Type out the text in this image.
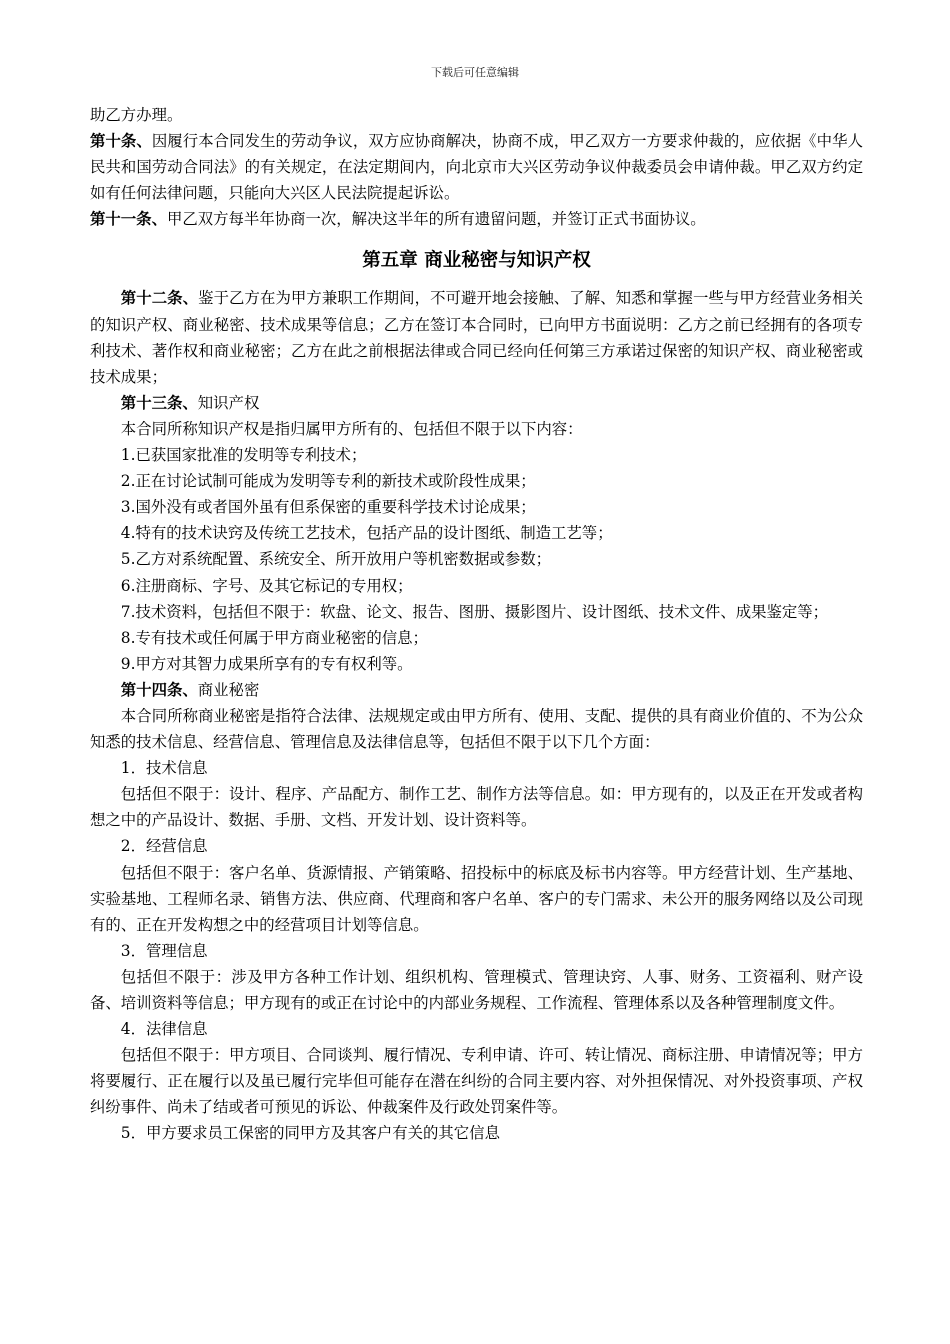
下载后可任意编辑

助乙方办理。

第十条、因履行本合同发生的劳动争议，双方应协商解决，协商不成，甲乙双方一方要求仲裁的，应依据《中华人民共和国劳动合同法》的有关规定，在法定期间内，向北京市大兴区劳动争议仲裁委员会申请仲裁。甲乙双方约定如有任何法律问题，只能向大兴区人民法院提起诉讼。

第十一条、甲乙双方每半年协商一次，解决这半年的所有遗留问题，并签订正式书面协议。

第五章 商业秘密与知识产权

第十二条、鉴于乙方在为甲方兼职工作期间，不可避开地会接触、了解、知悉和掌握一些与甲方经营业务相关的知识产权、商业秘密、技术成果等信息；乙方在签订本合同时，已向甲方书面说明：乙方之前已经拥有的各项专利技术、著作权和商业秘密；乙方在此之前根据法律或合同已经向任何第三方承诺过保密的知识产权、商业秘密或技术成果；

第十三条、知识产权

本合同所称知识产权是指归属甲方所有的、包括但不限于以下内容：

1.已获国家批准的发明等专利技术；

2.正在讨论试制可能成为发明等专利的新技术或阶段性成果；

3.国外没有或者国外虽有但系保密的重要科学技术讨论成果；

4.特有的技术诀窍及传统工艺技术，包括产品的设计图纸、制造工艺等；

5.乙方对系统配置、系统安全、所开放用户等机密数据或参数；

6.注册商标、字号、及其它标记的专用权；

7.技术资料，包括但不限于：软盘、论文、报告、图册、摄影图片、设计图纸、技术文件、成果鉴定等；

8.专有技术或任何属于甲方商业秘密的信息；

9.甲方对其智力成果所享有的专有权利等。

第十四条、商业秘密

本合同所称商业秘密是指符合法律、法规规定或由甲方所有、使用、支配、提供的具有商业价值的、不为公众知悉的技术信息、经营信息、管理信息及法律信息等，包括但不限于以下几个方面：

1．技术信息

包括但不限于：设计、程序、产品配方、制作工艺、制作方法等信息。如：甲方现有的，以及正在开发或者构想之中的产品设计、数据、手册、文档、开发计划、设计资料等。

2．经营信息

包括但不限于：客户名单、货源情报、产销策略、招投标中的标底及标书内容等。甲方经营计划、生产基地、实验基地、工程师名录、销售方法、供应商、代理商和客户名单、客户的专门需求、未公开的服务网络以及公司现有的、正在开发构想之中的经营项目计划等信息。

3．管理信息

包括但不限于：涉及甲方各种工作计划、组织机构、管理模式、管理诀窍、人事、财务、工资福利、财产设备、培训资料等信息；甲方现有的或正在讨论中的内部业务规程、工作流程、管理体系以及各种管理制度文件。

4．法律信息

包括但不限于：甲方项目、合同谈判、履行情况、专利申请、许可、转让情况、商标注册、申请情况等；甲方将要履行、正在履行以及虽已履行完毕但可能存在潜在纠纷的合同主要内容、对外担保情况、对外投资事项、产权纠纷事件、尚未了结或者可预见的诉讼、仲裁案件及行政处罚案件等。

5．甲方要求员工保密的同甲方及其客户有关的其它信息
